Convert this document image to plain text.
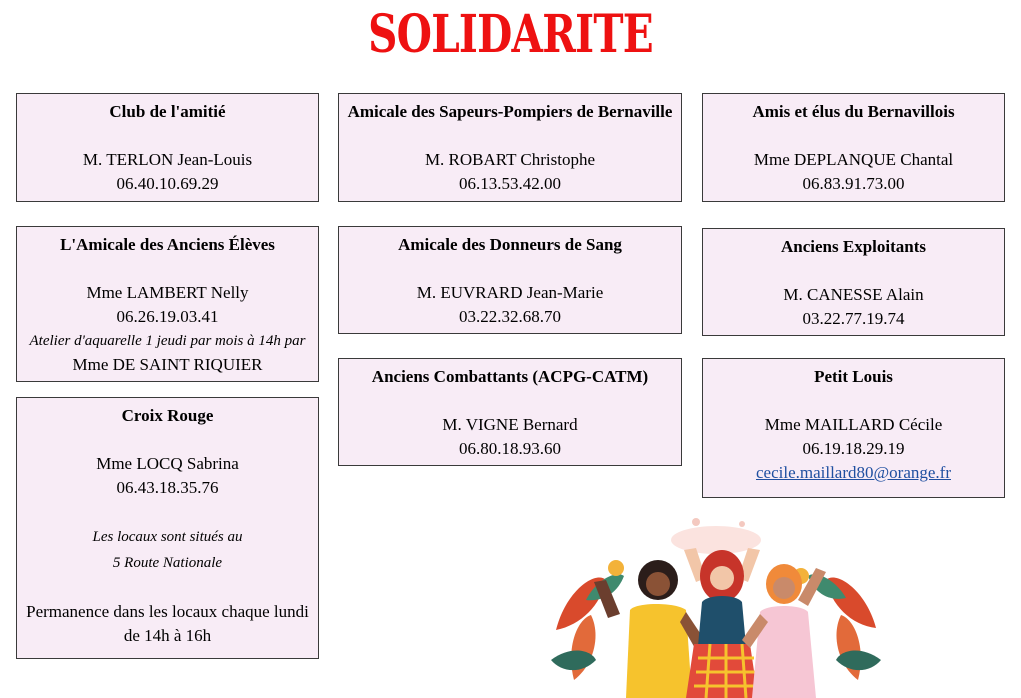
SOLIDARITE
Club de l'amitié
M. TERLON Jean-Louis
06.40.10.69.29
L'Amicale des Anciens Élèves
Mme LAMBERT Nelly
06.26.19.03.41
Atelier d'aquarelle 1 jeudi par mois à 14h par
Mme DE SAINT RIQUIER
Croix Rouge
Mme LOCQ Sabrina
06.43.18.35.76
Les locaux sont situés au
5 Route Nationale
Permanence dans les locaux chaque lundi
de 14h à 16h
Amicale des Sapeurs-Pompiers de Bernaville
M. ROBART Christophe
06.13.53.42.00
Amicale des Donneurs de Sang
M. EUVRARD Jean-Marie
03.22.32.68.70
Anciens Combattants (ACPG-CATM)
M. VIGNE Bernard
06.80.18.93.60
Amis et élus du Bernavillois
Mme DEPLANQUE Chantal
06.83.91.73.00
Anciens Exploitants
M. CANESSE Alain
03.22.77.19.74
Petit Louis
Mme MAILLARD Cécile
06.19.18.29.19
cecile.maillard80@orange.fr
